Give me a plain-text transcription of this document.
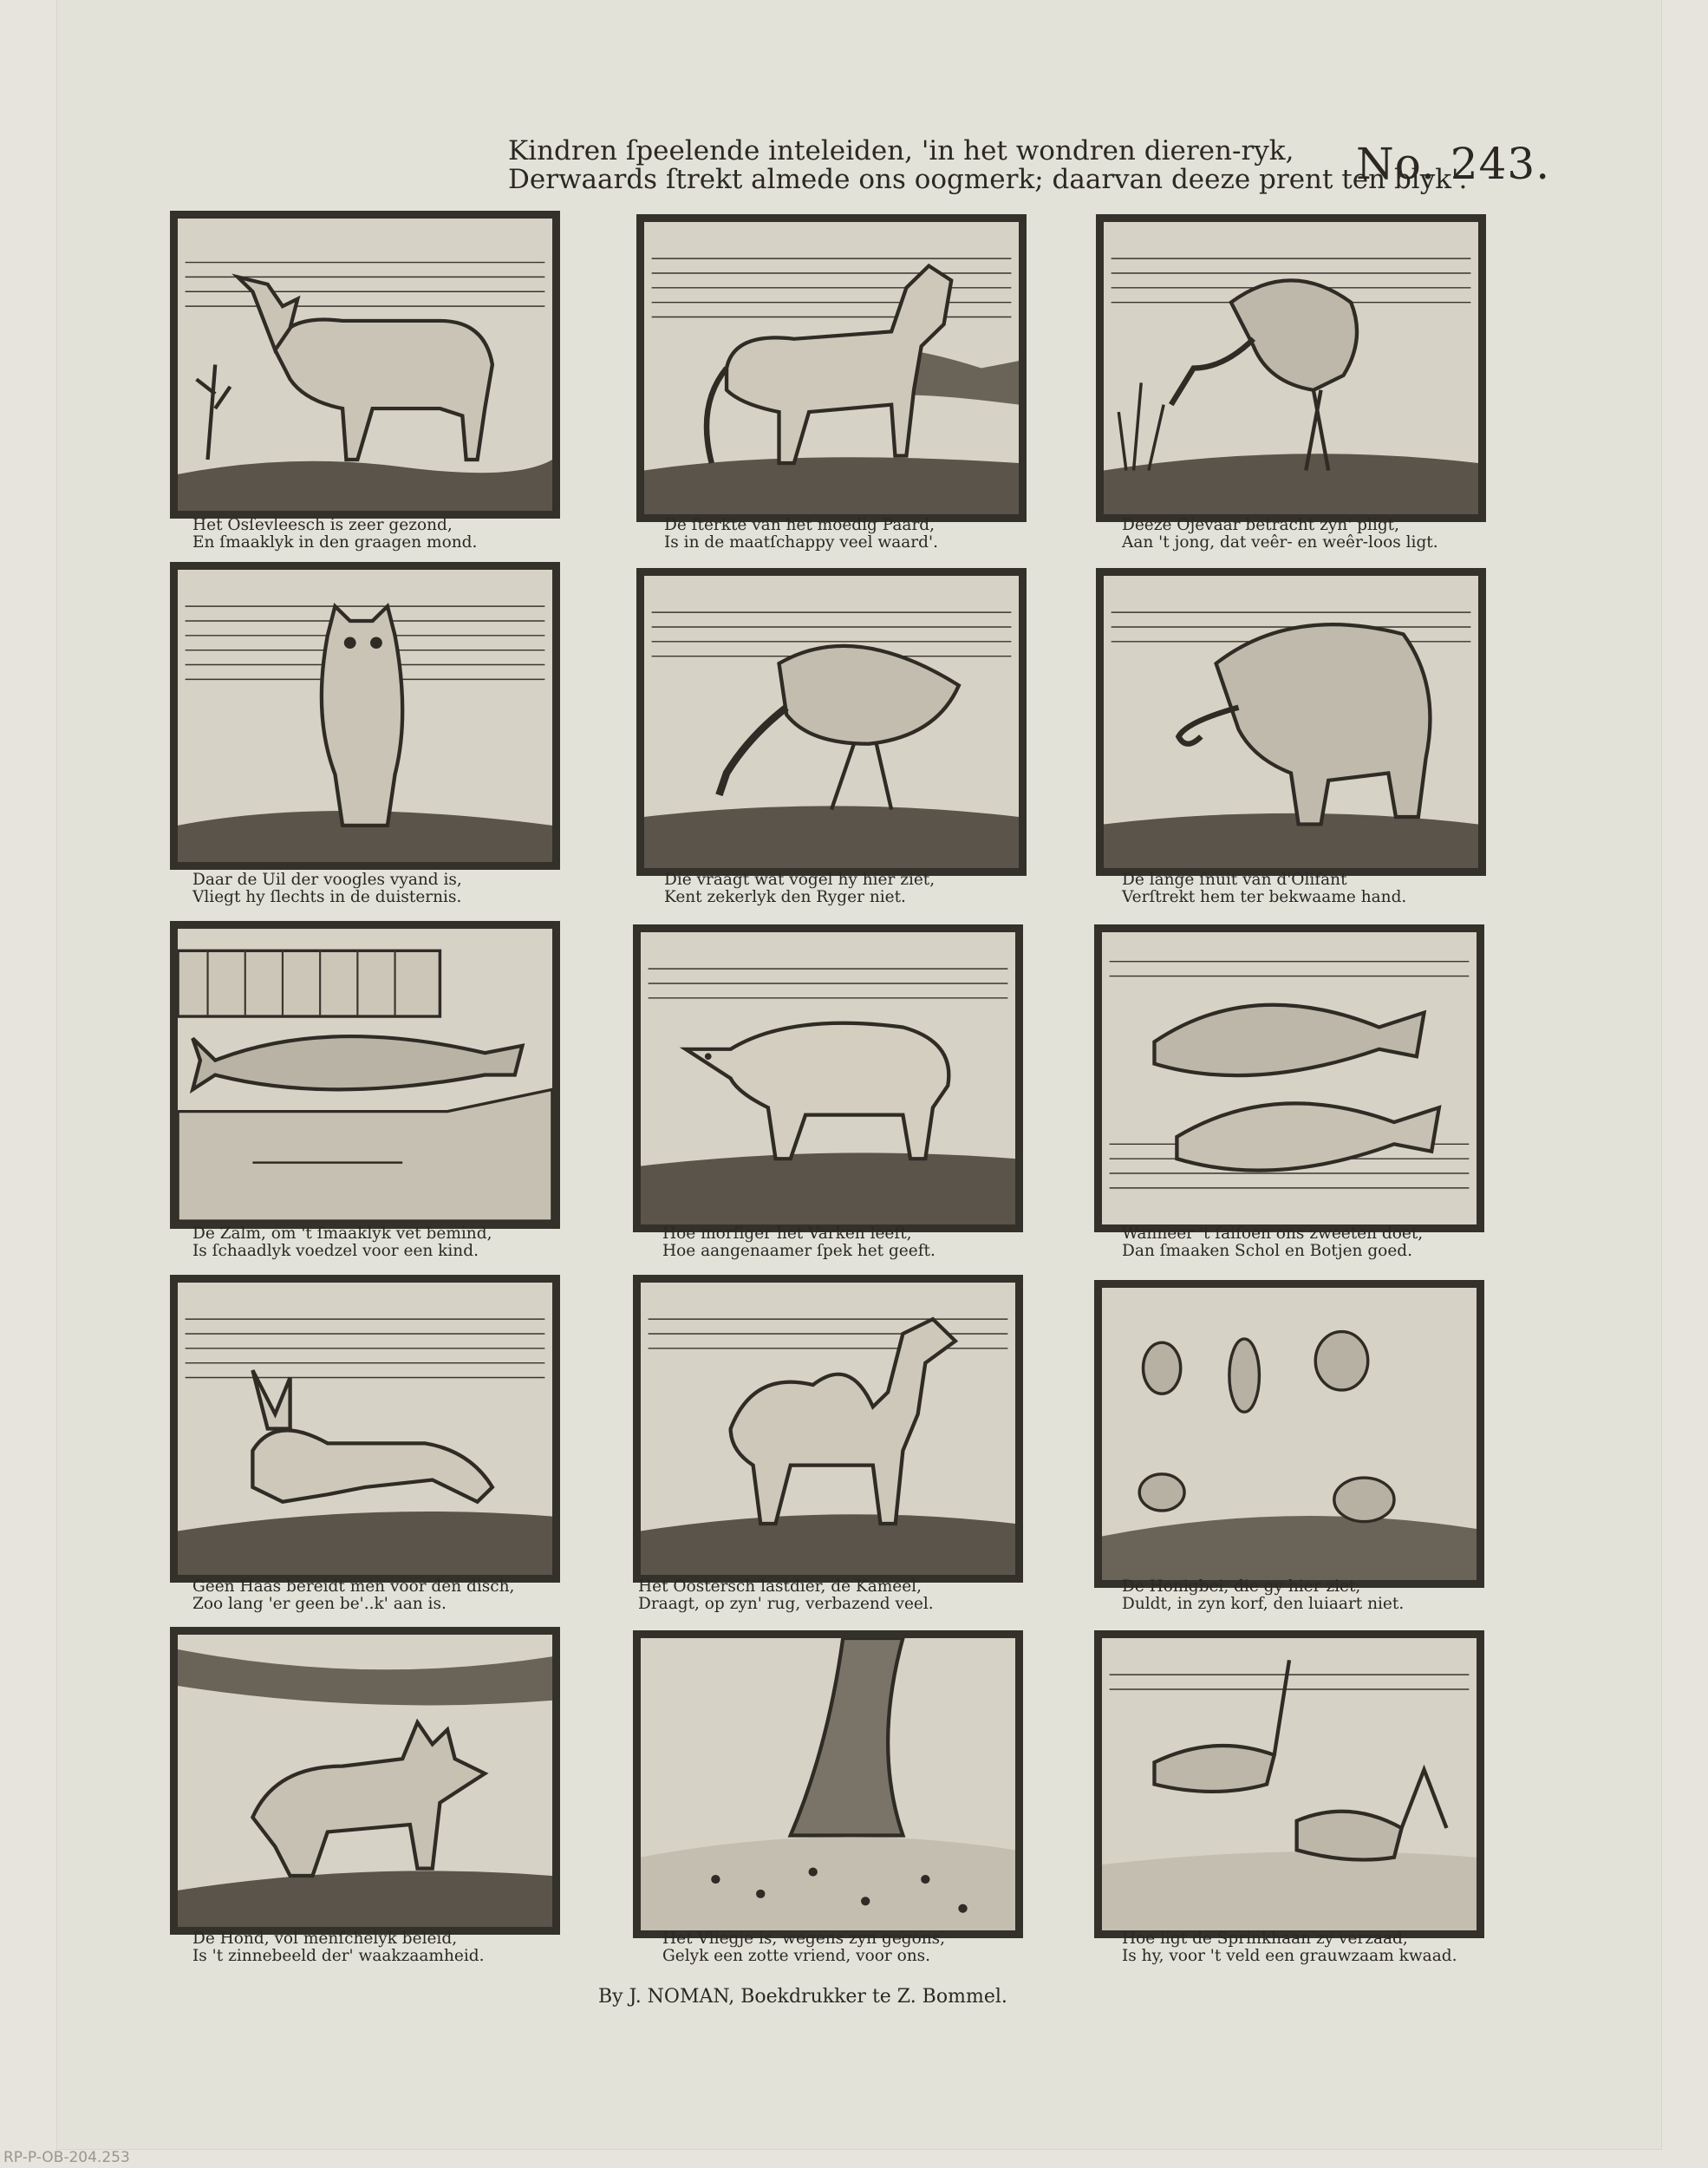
Kindren ſpeelende inteleiden, 'in het wondren dieren-ryk,
Derwaards ſtrekt almede ons oogmerk; daarvan deeze prent ten blyk'.
No. 243.
Het Osſevleesch is zeer gezond,
En ſmaaklyk in den graagen mond.
De ſterkte van het moedig Paard,
Is in de maatſchappy veel waard'.
Deeze Ojevaar betracht zyn' pligt,
Aan 't jong, dat veêr- en weêr-loos ligt.
Daar de Uil der voogles vyand is,
Vliegt hy ſlechts in de duisternis.
Die vraagt wat vogel hy hier ziet,
Kent zekerlyk den Ryger niet.
De lange ſnuit van d'Olifant
Verſtrekt hem ter bekwaame hand.
De Zalm, om 't ſmaaklyk vet bemind,
Is ſchaadlyk voedzel voor een kind.
Hoe morſiger het Varken leeft,
Hoe aangenaamer ſpek het geeft.
Wanneer 't ſaiſoen ons zweeten doet,
Dan ſmaaken Schol en Botjen goed.
Geen Haas bereidt men voor den disch,
Zoo lang 'er geen be'..k' aan is.
Het Oostersch lastdier, de Kameel,
Draagt, op zyn' rug, verbazend veel.
De Honigbei, die gy hier ziet,
Duldt, in zyn korf, den luiaart niet.
De Hond, vol menſchelyk beleid,
Is 't zinnebeeld der' waakzaamheid.
Het Vliegje is, wegens zyn gegons,
Gelyk een zotte vriend, voor ons.
Hoe ligt de Sprinkhaan zy verzaad,
Is hy, voor 't veld een grauwzaam kwaad.
By J. NOMAN, Boekdrukker te Z. Bommel.
RP-P-OB-204.253
